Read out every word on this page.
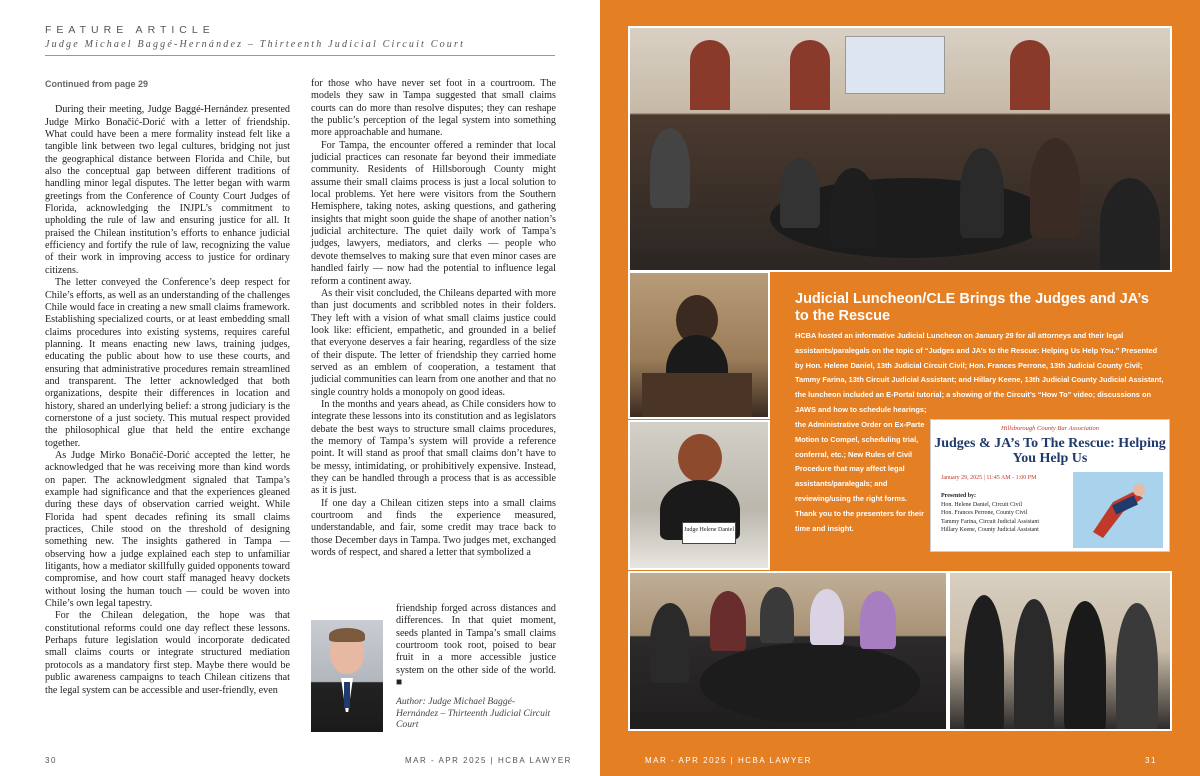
FEATURE ARTICLE
Judge Michael Baggé-Hernández – Thirteenth Judicial Circuit Court

Continued from page 29

During their meeting, Judge Baggé-Hernández presented Judge Mirko Bonačić-Dorić with a letter of friendship. What could have been a mere formality instead felt like a tangible link between two legal cultures, bridging not just the geographical distance between Florida and Chile, but also the conceptual gap between different traditions of handling minor legal disputes. The letter began with warm greetings from the Conference of County Court Judges of Florida, acknowledging the INJPL’s commitment to upholding the rule of law and ensuring justice for all. It praised the Chilean institution’s efforts to enhance judicial efficiency and fortify the rule of law, recognizing the value of their work in improving access to justice for ordinary citizens.

The letter conveyed the Conference’s deep respect for Chile’s efforts, as well as an understanding of the challenges Chile would face in creating a new small claims framework. Establishing specialized courts, or at least embedding small claims procedures into existing systems, requires careful planning. It means enacting new laws, training judges, educating the public about how to use these courts, and ensuring that administrative procedures remain streamlined and transparent. The letter acknowledged that both organizations, despite their differences in location and history, shared an underlying belief: a strong judiciary is the cornerstone of a just society. This mutual respect provided the philosophical glue that held the entire exchange together.

As Judge Mirko Bonačić-Dorić accepted the letter, he acknowledged that he was receiving more than kind words on paper. The acknowledgment signaled that Tampa’s example had significance and that the experiences gleaned during these days of observation carried weight. While Florida had spent decades refining its small claims practices, Chile stood on the threshold of designing something new. The insights gathered in Tampa — observing how a judge explained each step to unfamiliar litigants, how a mediator skillfully guided opponents toward compromise, and how court staff managed heavy dockets without losing the human touch — could be woven into Chile’s own legal tapestry.

For the Chilean delegation, the hope was that constitutional reforms could one day reflect these lessons. Perhaps future legislation would incorporate dedicated small claims courts or integrate structured mediation protocols as a mandatory first step. Maybe there would be public awareness campaigns to teach Chilean citizens that the legal system can be accessible and user-friendly, even

for those who have never set foot in a courtroom. The models they saw in Tampa suggested that small claims courts can do more than resolve disputes; they can reshape the public’s perception of the legal system into something more approachable and humane.

For Tampa, the encounter offered a reminder that local judicial practices can resonate far beyond their immediate community. Residents of Hillsborough County might assume their small claims process is just a local solution to local problems. Yet here were visitors from the Southern Hemisphere, taking notes, asking questions, and gathering insights that might soon guide the shape of another nation’s judicial architecture. The quiet daily work of Tampa’s judges, lawyers, mediators, and clerks — people who devote themselves to making sure that even minor cases are handled fairly — now had the potential to influence legal reform a continent away.

As their visit concluded, the Chileans departed with more than just documents and scribbled notes in their folders. They left with a vision of what small claims justice could look like: efficient, empathetic, and grounded in a belief that everyone deserves a fair hearing, regardless of the size of their dispute. The letter of friendship they carried home served as an emblem of cooperation, a testament that judicial communities can learn from one another and that no single country holds a monopoly on good ideas.

In the months and years ahead, as Chile considers how to integrate these lessons into its constitution and as legislators debate the best ways to structure small claims procedures, the memory of Tampa’s system will provide a reference point. It will stand as proof that small claims don’t have to be messy, intimidating, or prohibitively expensive. Instead, they can be handled through a process that is as accessible as it is just.

If one day a Chilean citizen steps into a small claims courtroom and finds the experience measured, understandable, and fair, some credit may trace back to those December days in Tampa. Two judges met, exchanged words of respect, and shared a letter that symbolized a

friendship forged across distances and differences. In that quiet moment, seeds planted in Tampa’s small claims courtroom took root, poised to bear fruit in a more accessible justice system on the other side of the world. ■
Author: Judge Michael Baggé-Hernández – Thirteenth Judicial Circuit Court
30	MAR - APR 2025 | HCBA LAWYER
Judge Helene Daniel
Judicial Luncheon/CLE Brings the Judges and JA’s to the Rescue
HCBA hosted an informative Judicial Luncheon on January 29 for all attorneys and their legal assistants/paralegals on the topic of “Judges and JA’s to the Rescue: Helping Us Help You.” Presented by Hon. Helene Daniel, 13th Judicial Circuit Civil; Hon. Frances Perrone, 13th Judicial County Civil; Tammy Farina, 13th Circuit Judicial Assistant; and Hillary Keene, 13th Judicial County Judicial Assistant, the luncheon included an E-Portal tutorial; a showing of the Circuit’s “How To” video; discussions on JAWS and how to schedule hearings;
the Administrative Order on Ex-Parte Motion to Compel, scheduling trial, conferral, etc.; New Rules of Civil Procedure that may affect legal assistants/paralegals; and reviewing/using the right forms. Thank you to the presenters for their time and insight.
Hillsborough County Bar Association
Judges & JA’s To The Rescue: Helping You Help Us
January 29, 2025 | 11:45 AM - 1:00 PM
Presented by:
Hon. Helene Daniel, Circuit Civil
Hon. Frances Perrone, County Civil
Tammy Farina, Circuit Judicial Assistant
Hillary Keene, County Judicial Assistant
MAR - APR 2025 | HCBA LAWYER	31
